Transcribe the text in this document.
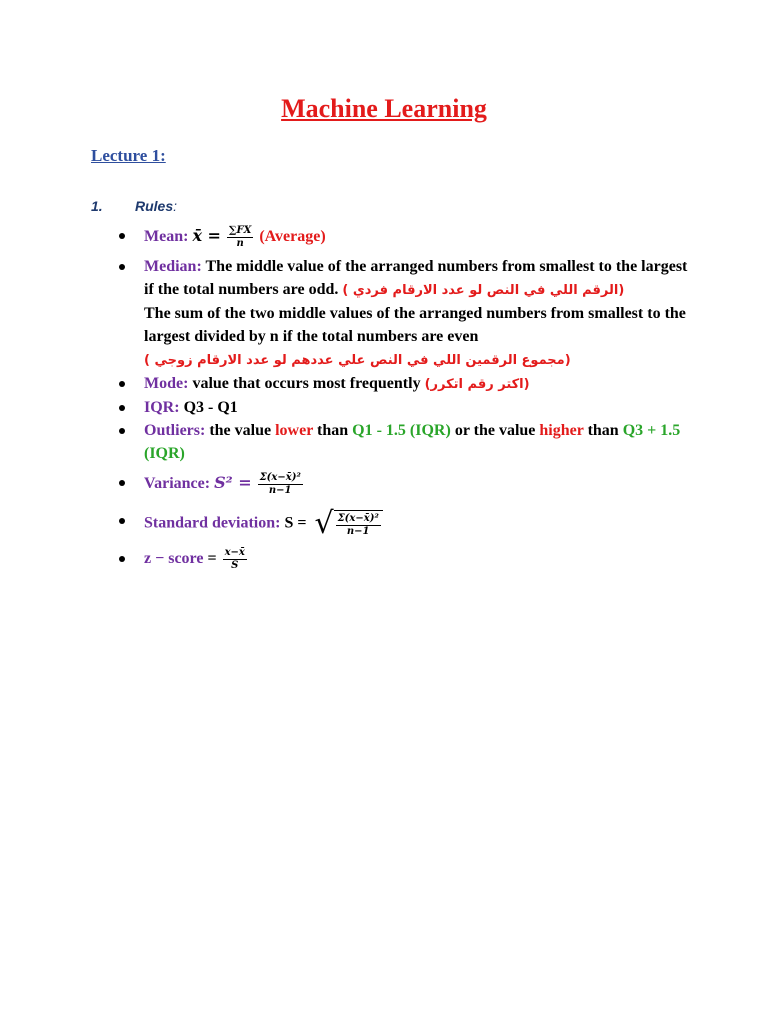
Machine Learning
Lecture 1:
1. Rules:
Mean: x̄ = $\frac{\sum FX}{n}$ (Average)
Median: The middle value of the arranged numbers from smallest to the largest if the total numbers are odd. ( الرقم اللي في النص لو عدد الارقام فردي)
The sum of the two middle values of the arranged numbers from smallest to the largest divided by n if the total numbers are even
( مجموع الرقمين اللي في النص علي عددهم لو عدد الارقام زوجي)
Mode: value that occurs most frequently (اكتر رقم اتكرر)
IQR: Q3 - Q1
Outliers: the value lower than Q1 - 1.5 (IQR) or the value higher than Q3 + 1.5 (IQR)
Variance: $S^2 = \frac{\text{Σ(x−x̄)²}}{n-1}$
Standard deviation: S = √ $\frac{\text{Σ(x−x̄)²}}{n-1}$
z − score = $\frac{x-x̄}{S}$
